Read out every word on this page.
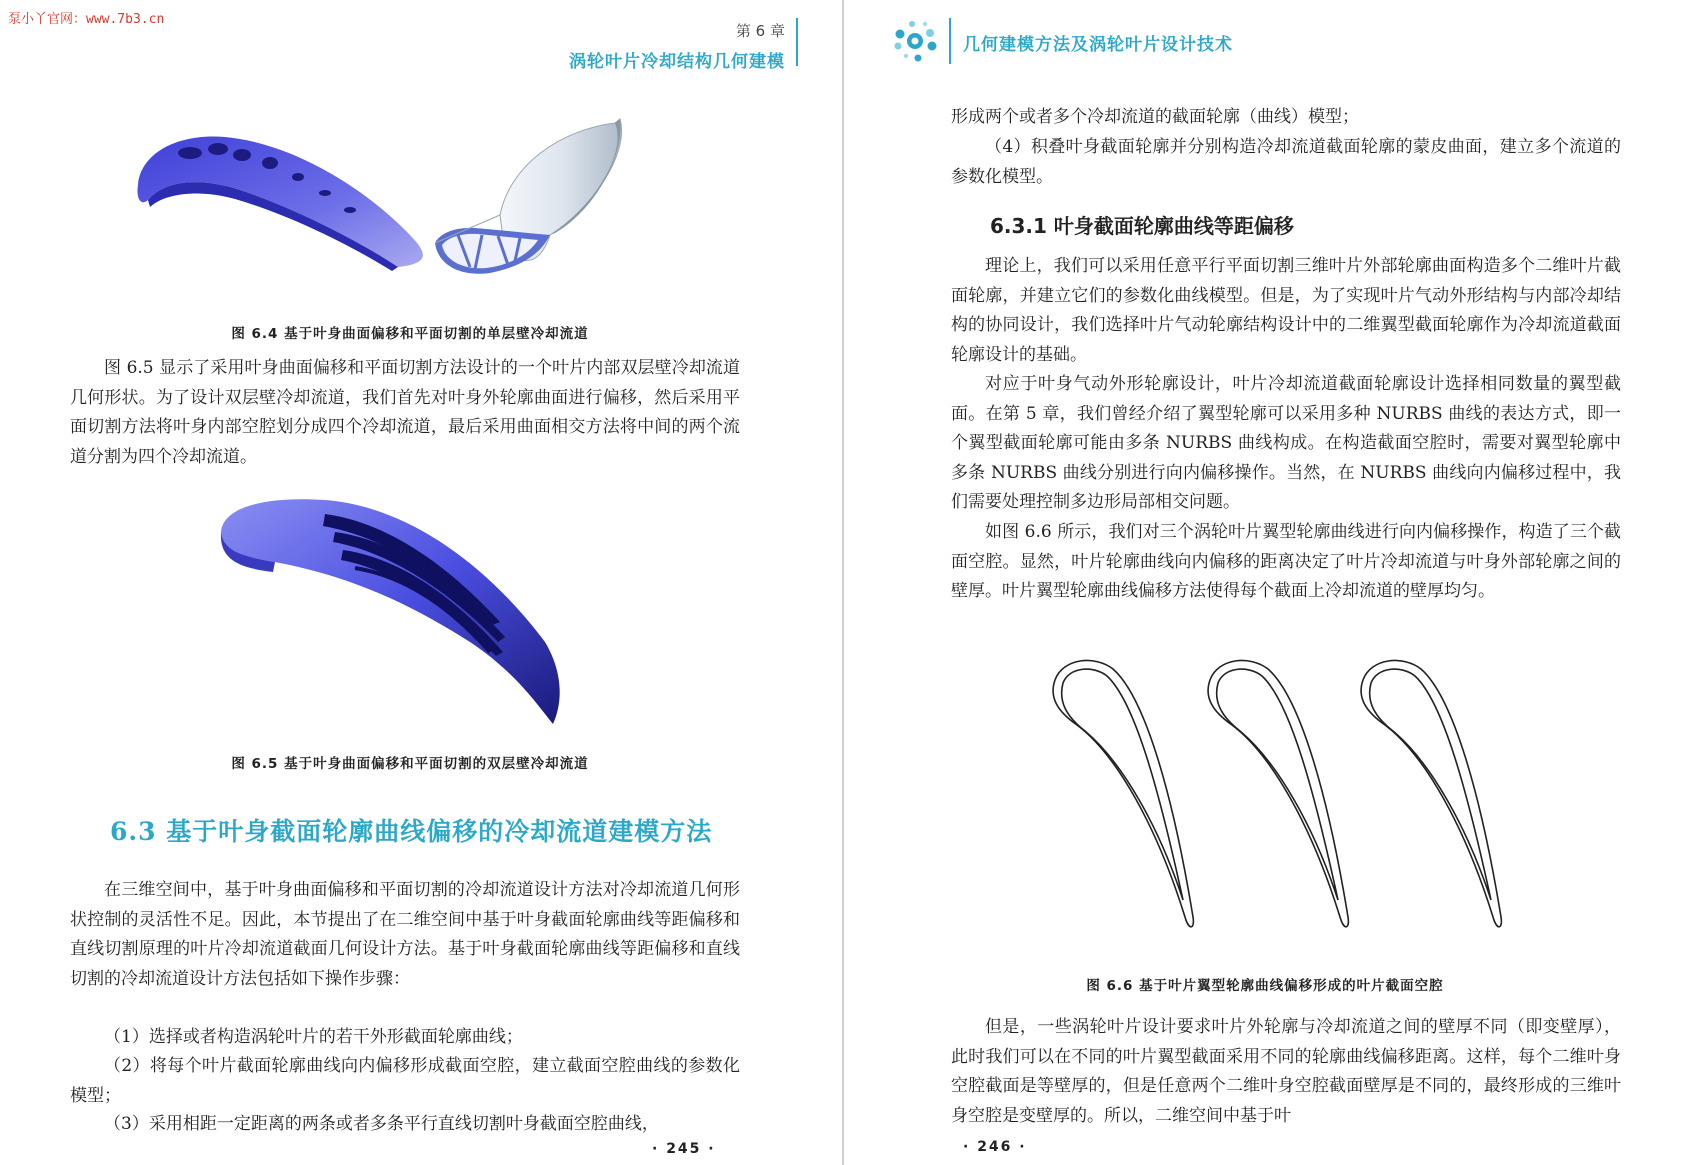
泵小丫官网：www.7b3.cn
第 6 章
涡轮叶片冷却结构几何建模
图 6.4 基于叶身曲面偏移和平面切割的单层壁冷却流道
图 6.5 显示了采用叶身曲面偏移和平面切割方法设计的一个叶片内部双层壁冷却流道几何形状。为了设计双层壁冷却流道，我们首先对叶身外轮廓曲面进行偏移，然后采用平面切割方法将叶身内部空腔划分成四个冷却流道，最后采用曲面相交方法将中间的两个流道分割为四个冷却流道。
图 6.5 基于叶身曲面偏移和平面切割的双层壁冷却流道
6.3 基于叶身截面轮廓曲线偏移的冷却流道建模方法
在三维空间中，基于叶身曲面偏移和平面切割的冷却流道设计方法对冷却流道几何形状控制的灵活性不足。因此，本节提出了在二维空间中基于叶身截面轮廓曲线等距偏移和直线切割原理的叶片冷却流道截面几何设计方法。基于叶身截面轮廓曲线等距偏移和直线切割的冷却流道设计方法包括如下操作步骤：
（1）选择或者构造涡轮叶片的若干外形截面轮廓曲线；
（2）将每个叶片截面轮廓曲线向内偏移形成截面空腔，建立截面空腔曲线的参数化模型；
（3）采用相距一定距离的两条或者多条平行直线切割叶身截面空腔曲线，
· 245 ·
几何建模方法及涡轮叶片设计技术
形成两个或者多个冷却流道的截面轮廓（曲线）模型；
（4）积叠叶身截面轮廓并分别构造冷却流道截面轮廓的蒙皮曲面，建立多个流道的参数化模型。
6.3.1 叶身截面轮廓曲线等距偏移
理论上，我们可以采用任意平行平面切割三维叶片外部轮廓曲面构造多个二维叶片截面轮廓，并建立它们的参数化曲线模型。但是，为了实现叶片气动外形结构与内部冷却结构的协同设计，我们选择叶片气动轮廓结构设计中的二维翼型截面轮廓作为冷却流道截面轮廓设计的基础。
对应于叶身气动外形轮廓设计，叶片冷却流道截面轮廓设计选择相同数量的翼型截面。在第 5 章，我们曾经介绍了翼型轮廓可以采用多种 NURBS 曲线的表达方式，即一个翼型截面轮廓可能由多条 NURBS 曲线构成。在构造截面空腔时，需要对翼型轮廓中多条 NURBS 曲线分别进行向内偏移操作。当然，在 NURBS 曲线向内偏移过程中，我们需要处理控制多边形局部相交问题。
如图 6.6 所示，我们对三个涡轮叶片翼型轮廓曲线进行向内偏移操作，构造了三个截面空腔。显然，叶片轮廓曲线向内偏移的距离决定了叶片冷却流道与叶身外部轮廓之间的壁厚。叶片翼型轮廓曲线偏移方法使得每个截面上冷却流道的壁厚均匀。
图 6.6 基于叶片翼型轮廓曲线偏移形成的叶片截面空腔
但是，一些涡轮叶片设计要求叶片外轮廓与冷却流道之间的壁厚不同（即变壁厚），此时我们可以在不同的叶片翼型截面采用不同的轮廓曲线偏移距离。这样，每个二维叶身空腔截面是等壁厚的，但是任意两个二维叶身空腔截面壁厚是不同的，最终形成的三维叶身空腔是变壁厚的。所以，二维空间中基于叶
· 246 ·
